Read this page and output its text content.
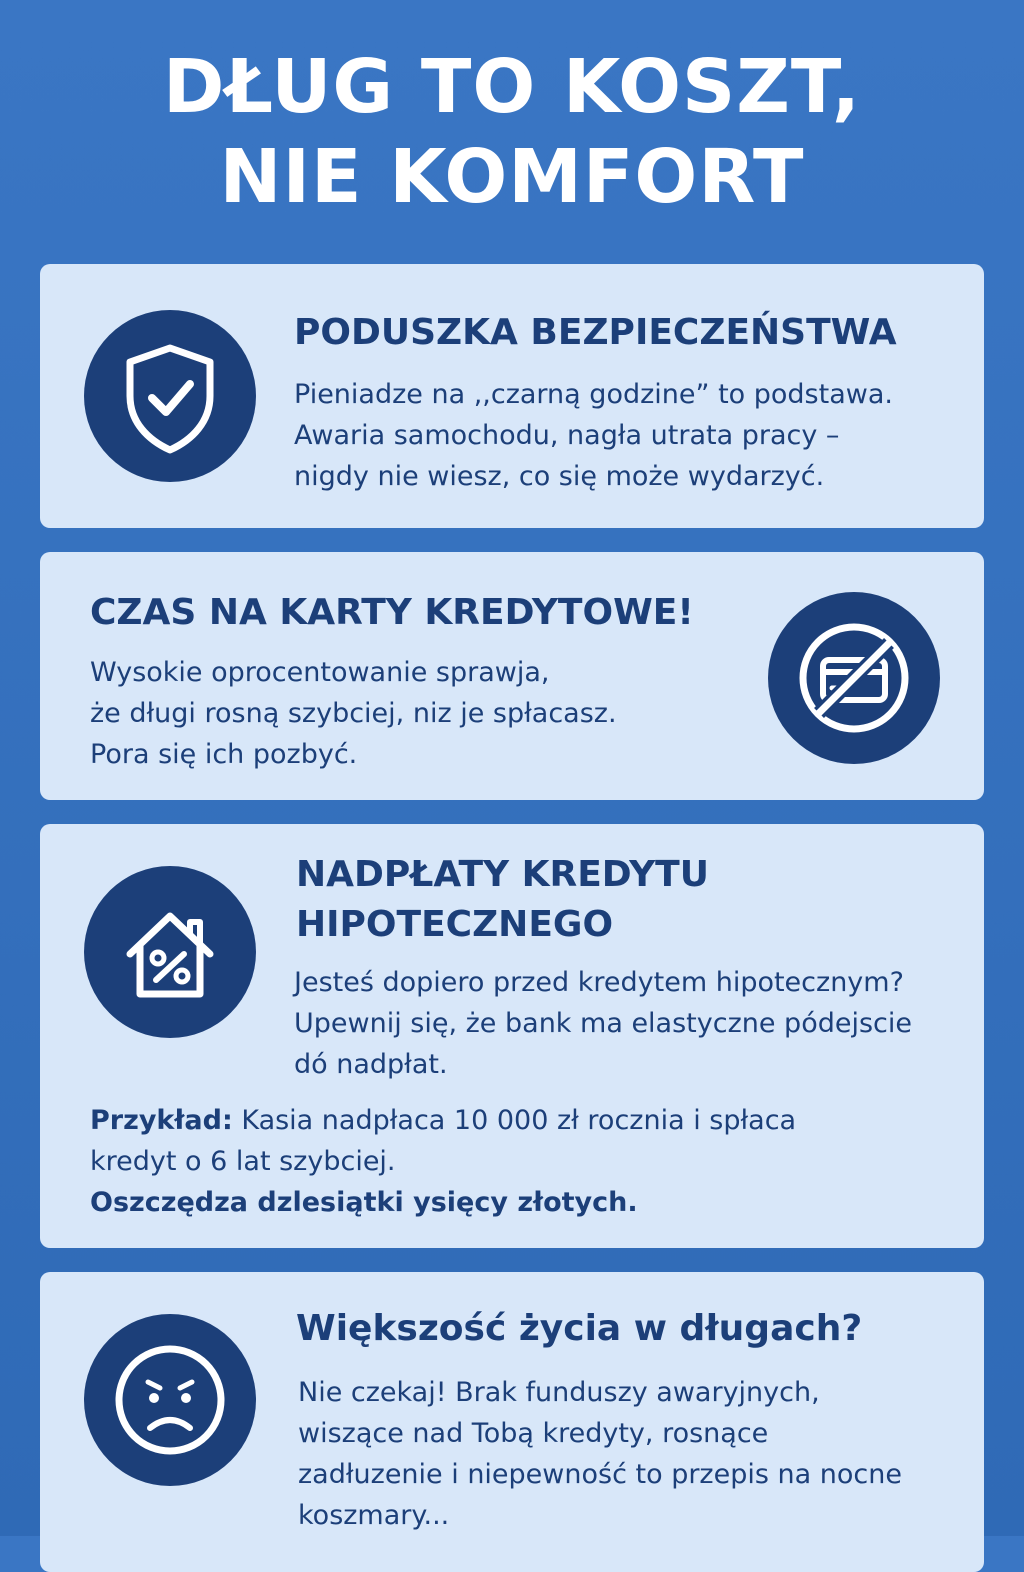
DŁUG TO KOSZT,
NIE KOMFORT
PODUSZKA BEZPIECZEŃSTWA
Pieniadze na ,,czarną godzine” to podstawa.
Awaria samochodu, nagła utrata pracy –
nigdy nie wiesz, co się może wydarzyć.
CZAS NA KARTY KREDYTOWE!
Wysokie oprocentowanie sprawja,
że długi rosną szybciej, niz je spłacasz.
Pora się ich pozbyć.
NADPŁATY KREDYTU
HIPOTECZNEGO
Jesteś dopiero przed kredytem hipotecznym?
Upewnij się, że bank ma elastyczne pódejscie
dó nadpłat.
Przykład: Kasia nadpłaca 10 000 zł rocznia i spłaca
kredyt o 6 lat szybciej.
Oszczędza dzlesiątki ysięcy złotych.
Większość życia w długach?
Nie czekaj! Brak funduszy awaryjnych,
wiszące nad Tobą kredyty, rosnące
zadłuzenie i niepewność to przepis na nocne
koszmary...
